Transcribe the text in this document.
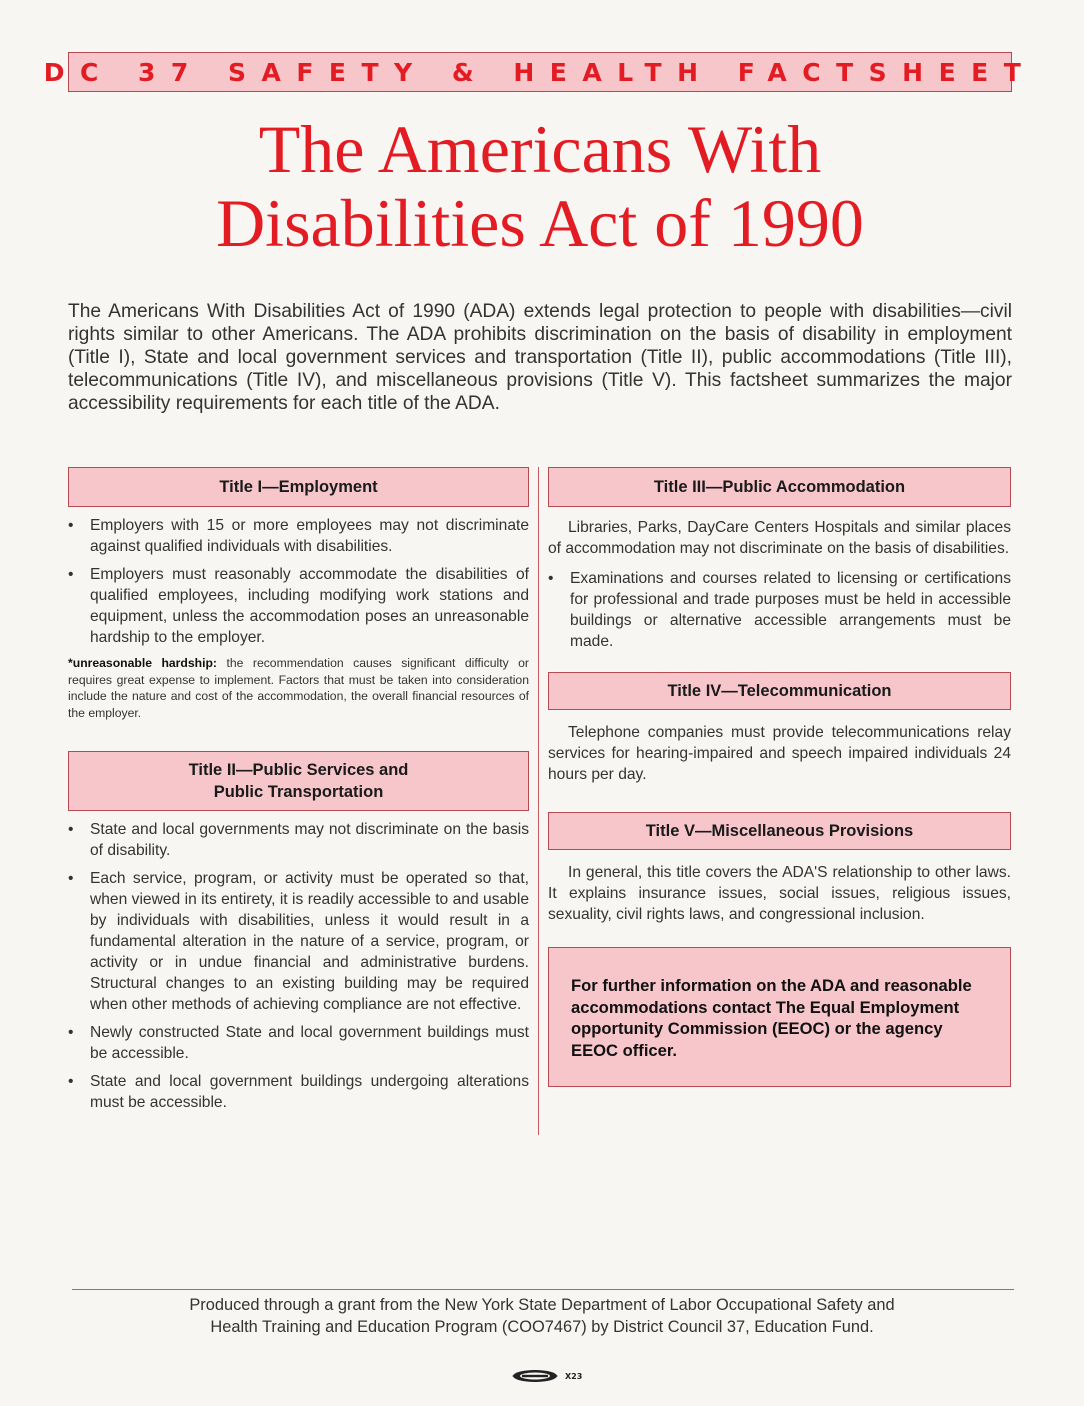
DC 37 SAFETY & HEALTH FACTSHEET
The Americans With
Disabilities Act of 1990

The Americans With Disabilities Act of 1990 (ADA) extends legal protection to people with disabilities—civil rights similar to other Americans. The ADA prohibits discrimination on the basis of disability in employment (Title I), State and local government services and transportation (Title II), public accommodations (Title III), telecommunications (Title IV), and miscellaneous provisions (Title V). This factsheet summarizes the major accessibility requirements for each title of the ADA.

Title I—Employment
• Employers with 15 or more employees may not discriminate against qualified individuals with disabilities.
• Employers must reasonably accommodate the disabilities of qualified employees, including modifying work stations and equipment, unless the accommodation poses an unreasonable hardship to the employer.

*unreasonable hardship: the recommendation causes significant difficulty or requires great expense to implement. Factors that must be taken into consideration include the nature and cost of the accommodation, the overall financial resources of the employer.

Title II—Public Services and
Public Transportation
• State and local governments may not discriminate on the basis of disability.
• Each service, program, or activity must be operated so that, when viewed in its entirety, it is readily accessible to and usable by individuals with disabilities, unless it would result in a fundamental alteration in the nature of a service, program, or activity or in undue financial and administrative burdens. Structural changes to an existing building may be required when other methods of achieving compliance are not effective.
• Newly constructed State and local government buildings must be accessible.
• State and local government buildings undergoing alterations must be accessible.
Title III—Public Accommodation

Libraries, Parks, DayCare Centers Hospitals and similar places of accommodation may not discriminate on the basis of disabilities.

• Examinations and courses related to licensing or certifications for professional and trade purposes must be held in accessible buildings or alternative accessible arrangements must be made.
Title IV—Telecommunication

Telephone companies must provide telecommunications relay services for hearing-impaired and speech impaired individuals 24 hours per day.

Title V—Miscellaneous Provisions

In general, this title covers the ADA'S relationship to other laws. It explains insurance issues, social issues, religious issues, sexuality, civil rights laws, and congressional inclusion.

For further information on the ADA and reasonable accommodations contact The Equal Employment opportunity Commission (EEOC) or the agency EEOC officer.

Produced through a grant from the New York State Department of Labor Occupational Safety and
Health Training and Education Program (COO7467) by District Council 37, Education Fund.

X23
